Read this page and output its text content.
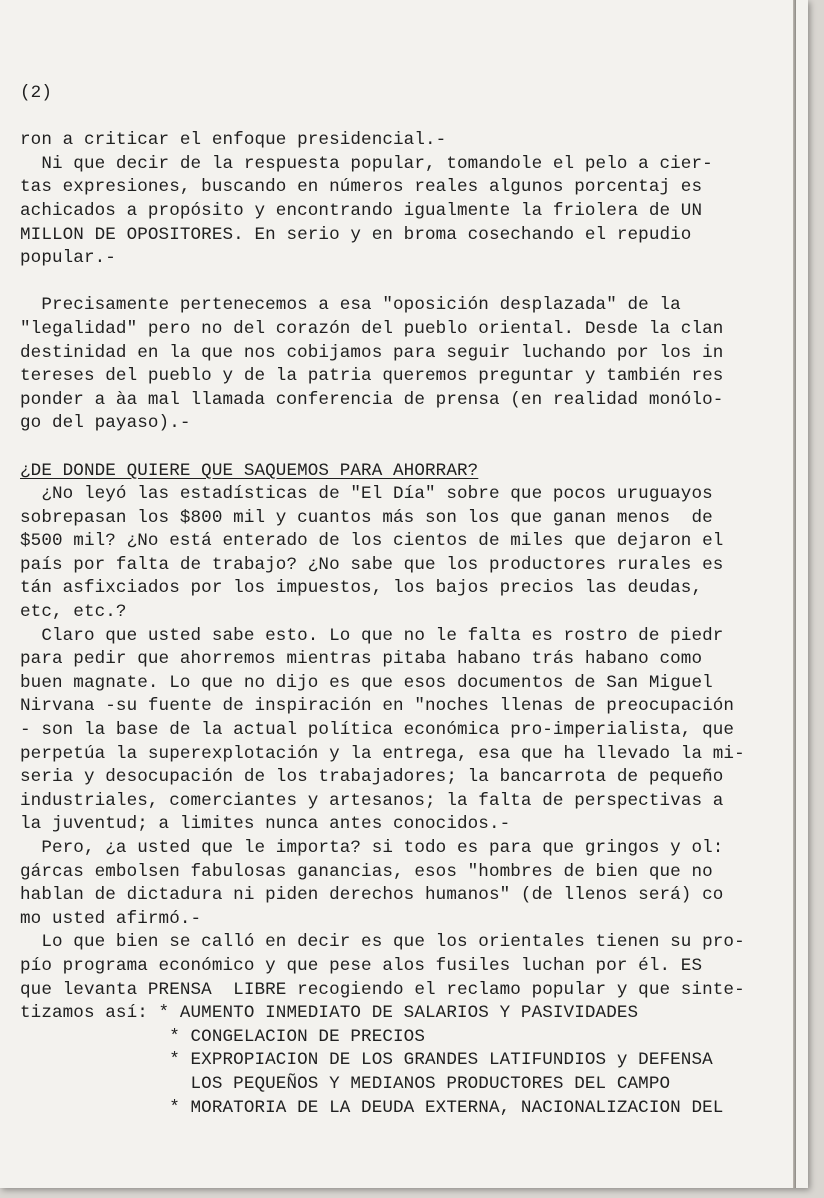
(2)
ron a criticar el enfoque presidencial.-
Ni que decir de la respuesta popular, tomandole el pelo a cier-
tas expresiones, buscando en números reales algunos porcentaj es
achicados a propósito y encontrando igualmente la friolera de UN
MILLON DE OPOSITORES. En serio y en broma cosechando el repudio
popular.-
Precisamente pertenecemos a esa "oposición desplazada" de la
"legalidad" pero no del corazón del pueblo oriental. Desde la clan
destinidad en la que nos cobijamos para seguir luchando por los in
tereses del pueblo y de la patria queremos preguntar y también res
ponder a àa mal llamada conferencia de prensa (en realidad monólo-
go del payaso).-
¿DE DONDE QUIERE QUE SAQUEMOS PARA AHORRAR?
¿No leyó las estadísticas de "El Día" sobre que pocos uruguayos
sobrepasan los $800 mil y cuantos más son los que ganan menos  de
$500 mil? ¿No está enterado de los cientos de miles que dejaron el
país por falta de trabajo? ¿No sabe que los productores rurales es
tán asfixciados por los impuestos, los bajos precios las deudas,
etc, etc.?
Claro que usted sabe esto. Lo que no le falta es rostro de piedr
para pedir que ahorremos mientras pitaba habano trás habano como
buen magnate. Lo que no dijo es que esos documentos de San Miguel
Nirvana -su fuente de inspiración en "noches llenas de preocupación
- son la base de la actual política económica pro-imperialista, que
perpetúa la superexplotación y la entrega, esa que ha llevado la mi-
seria y desocupación de los trabajadores; la bancarrota de pequeño
industriales, comerciantes y artesanos; la falta de perspectivas a
la juventud; a limites nunca antes conocidos.-
Pero, ¿a usted que le importa? si todo es para que gringos y ol:
gárcas embolsen fabulosas ganancias, esos "hombres de bien que no
hablan de dictadura ni piden derechos humanos" (de llenos será) co
mo usted afirmó.-
Lo que bien se calló en decir es que los orientales tienen su pro-
pío programa económico y que pese alos fusiles luchan por él. ES
que levanta PRENSA  LIBRE recogiendo el reclamo popular y que sinte-
tizamos así: * AUMENTO INMEDIATO DE SALARIOS Y PASIVIDADES
* CONGELACION DE PRECIOS
* EXPROPIACION DE LOS GRANDES LATIFUNDIOS y DEFENSA
LOS PEQUEÑOS Y MEDIANOS PRODUCTORES DEL CAMPO
* MORATORIA DE LA DEUDA EXTERNA, NACIONALIZACION DEL
